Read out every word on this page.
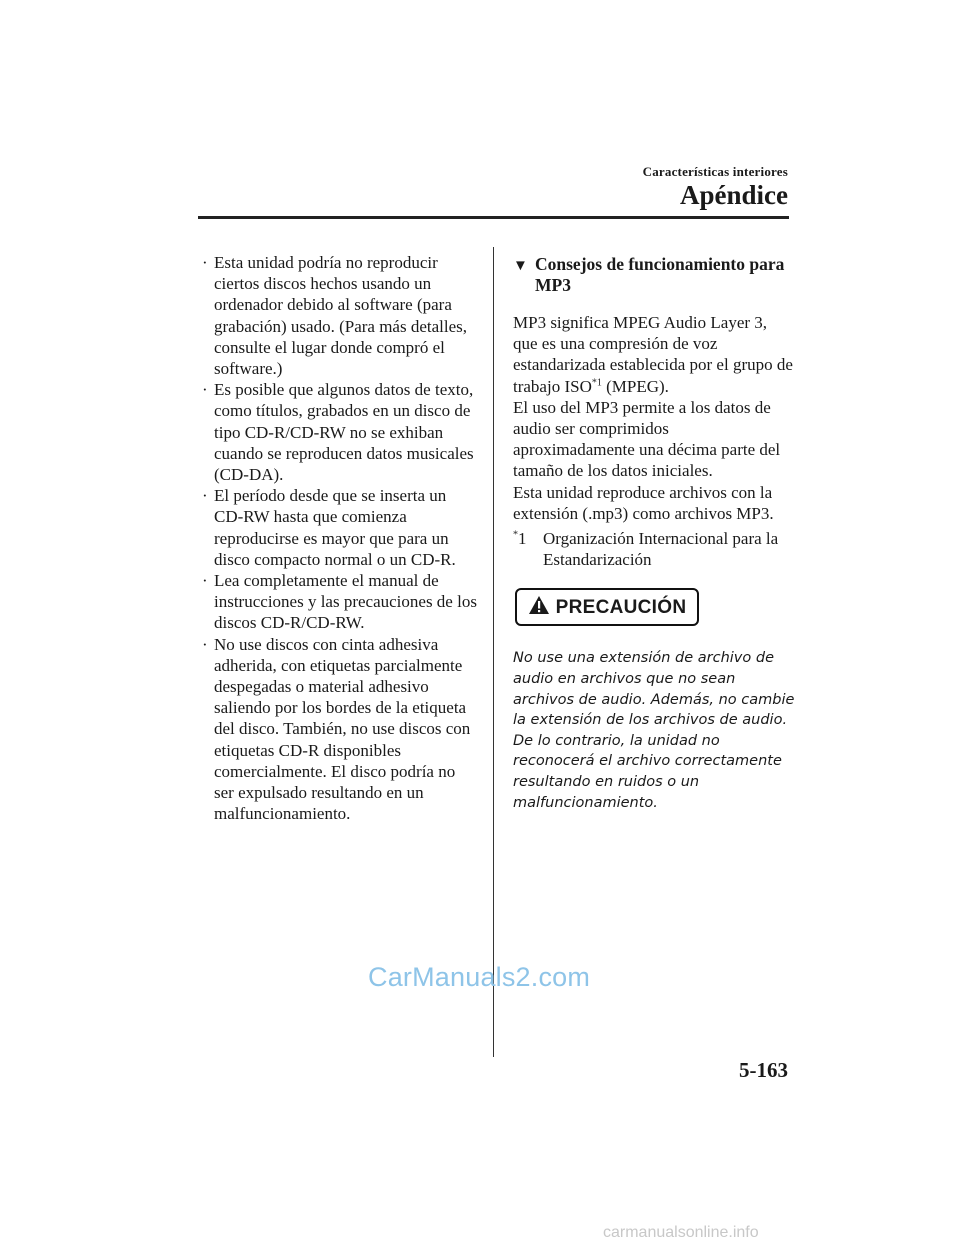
Características interiores
Apéndice
· Esta unidad podría no reproducir ciertos discos hechos usando un ordenador debido al software (para grabación) usado. (Para más detalles, consulte el lugar donde compró el software.)
· Es posible que algunos datos de texto, como títulos, grabados en un disco de tipo CD-R/CD-RW no se exhiban cuando se reproducen datos musicales (CD-DA).
· El período desde que se inserta un CD-RW hasta que comienza reproducirse es mayor que para un disco compacto normal o un CD-R.
· Lea completamente el manual de instrucciones y las precauciones de los discos CD-R/CD-RW.
· No use discos con cinta adhesiva adherida, con etiquetas parcialmente despegadas o material adhesivo saliendo por los bordes de la etiqueta del disco. También, no use discos con etiquetas CD-R disponibles comercialmente. El disco podría no ser expulsado resultando en un malfuncionamiento.
▼ Consejos de funcionamiento para MP3

MP3 significa MPEG Audio Layer 3, que es una compresión de voz estandarizada establecida por el grupo de trabajo ISO$^{*1}$ (MPEG).

El uso del MP3 permite a los datos de audio ser comprimidos aproximadamente una décima parte del tamaño de los datos iniciales.

Esta unidad reproduce archivos con la extensión (.mp3) como archivos MP3.

*1 Organización Internacional para la Estandarización
PRECAUCIÓN
No use una extensión de archivo de audio en archivos que no sean archivos de audio. Además, no cambie la extensión de los archivos de audio. De lo contrario, la unidad no reconocerá el archivo correctamente resultando en ruidos o un malfuncionamiento.
CarManuals2.com
5-163
carmanualsonline.info
